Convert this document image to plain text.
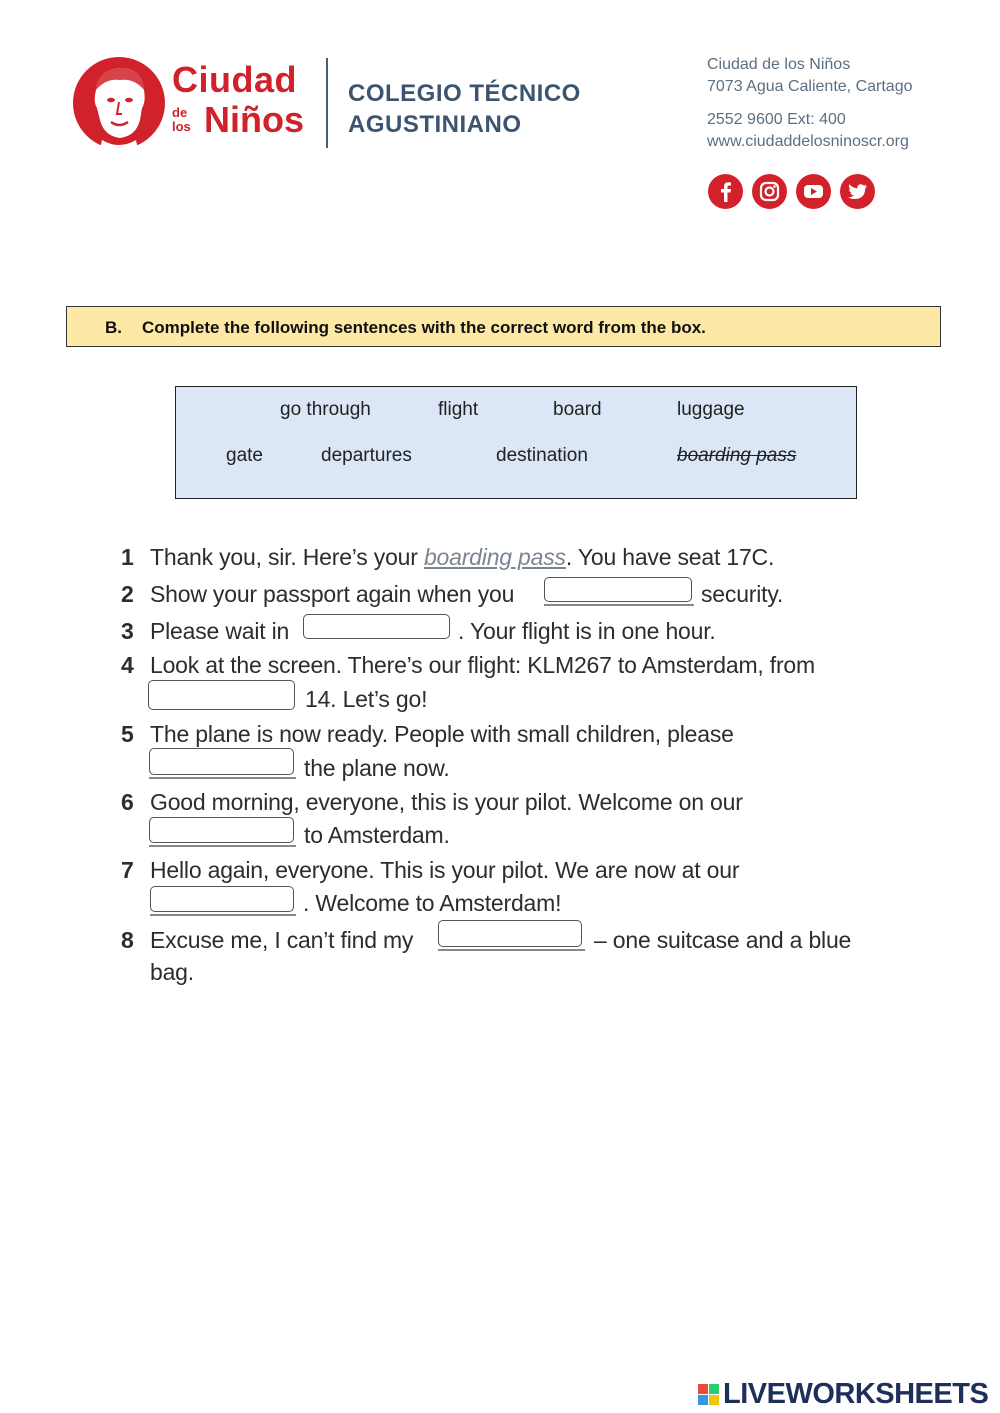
Ciudad
de los Niños
COLEGIO TÉCNICO
AGUSTINIANO
Ciudad de los Niños
7073 Agua Caliente, Cartago
2552 9600 Ext: 400
www.ciudaddelosninoscr.org
B. Complete the following sentences with the correct word from the box.
go through	flight	board	luggage
gate	departures	destination	boarding pass
1 Thank you, sir. Here’s your boarding pass. You have seat 17C.
2 Show your passport again when you	security.
3 Please wait in	. Your flight is in one hour.
4 Look at the screen. There’s our flight: KLM267 to Amsterdam, from
14. Let’s go!
5 The plane is now ready. People with small children, please
the plane now.
6 Good morning, everyone, this is your pilot. Welcome on our
to Amsterdam.
7 Hello again, everyone. This is your pilot. We are now at our
. Welcome to Amsterdam!
8 Excuse me, I can’t find my	– one suitcase and a blue
bag.
LIVEWORKSHEETS
